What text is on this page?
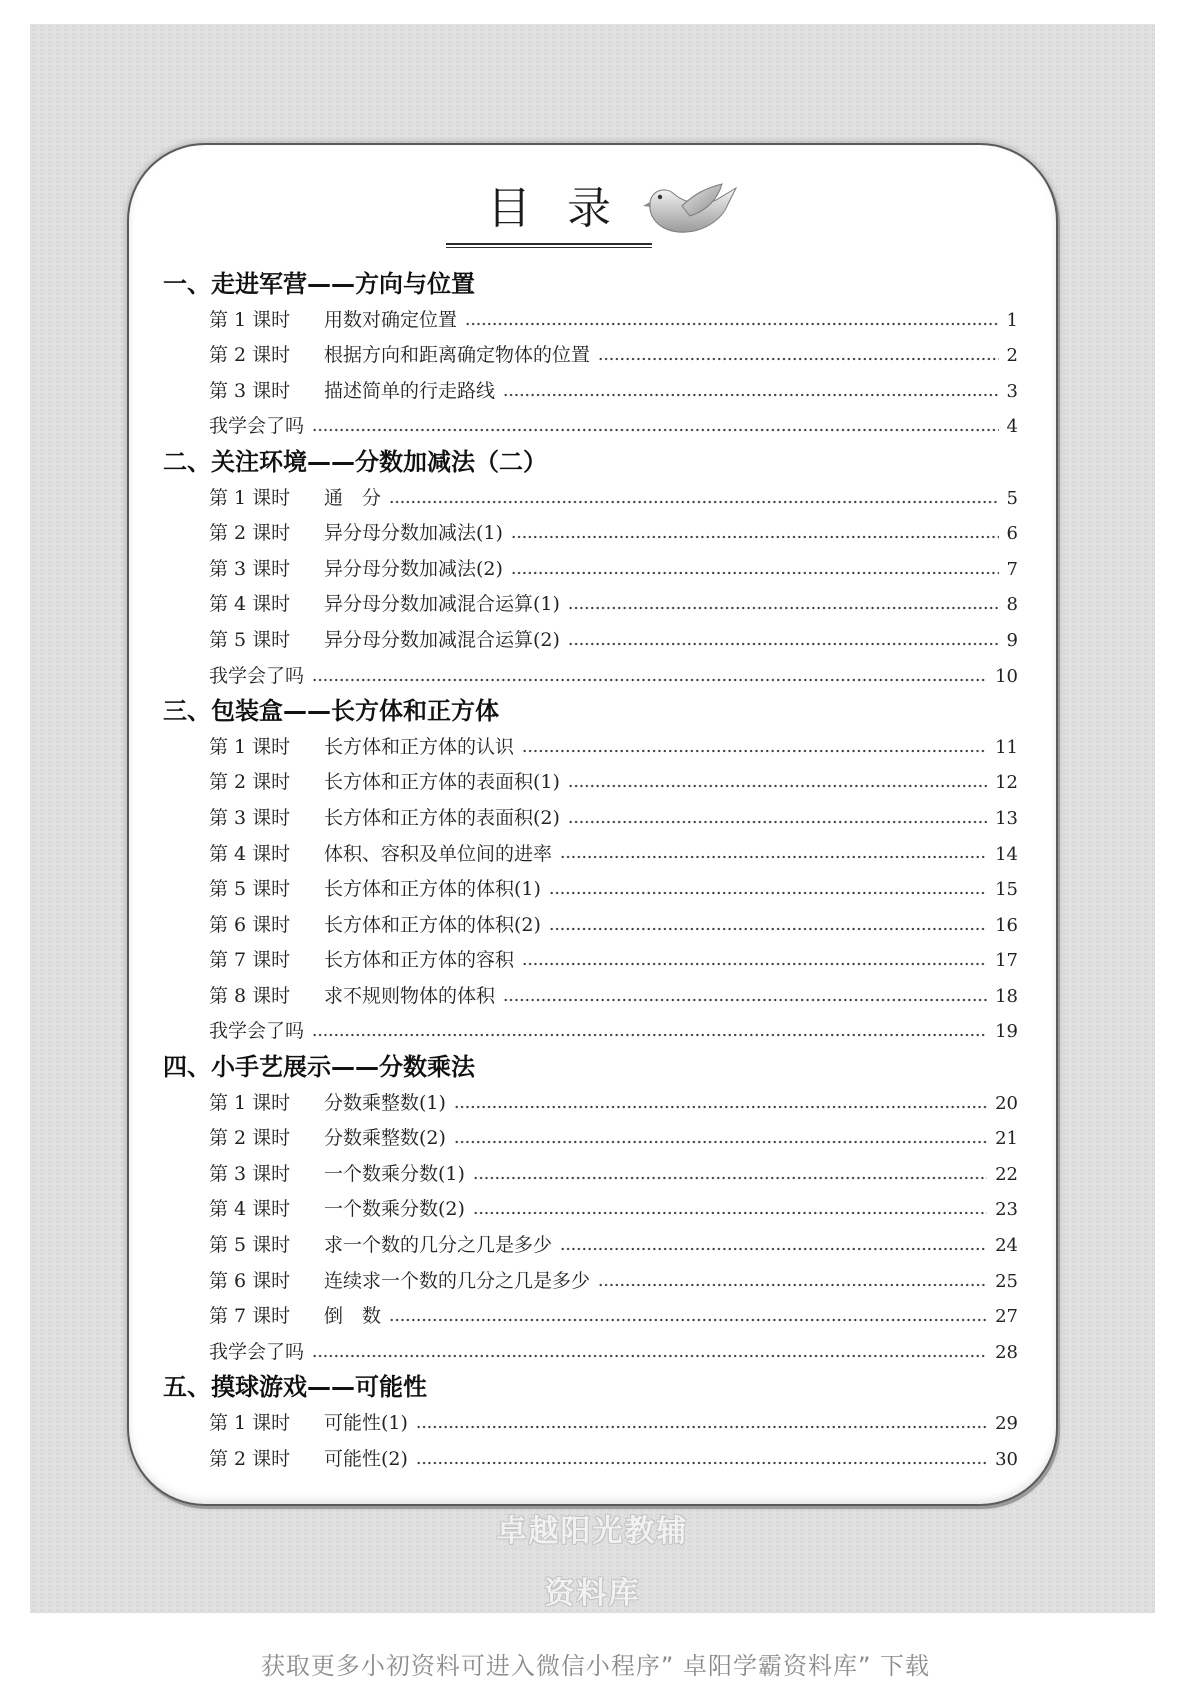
目录
一、走进军营——方向与位置
第 1 课时	用数对确定位置	1
第 2 课时	根据方向和距离确定物体的位置	2
第 3 课时	描述简单的行走路线	3
我学会了吗	4
二、关注环境——分数加减法（二）
第 1 课时	通　分	5
第 2 课时	异分母分数加减法(1)	6
第 3 课时	异分母分数加减法(2)	7
第 4 课时	异分母分数加减混合运算(1)	8
第 5 课时	异分母分数加减混合运算(2)	9
我学会了吗	10
三、包装盒——长方体和正方体
第 1 课时	长方体和正方体的认识	11
第 2 课时	长方体和正方体的表面积(1)	12
第 3 课时	长方体和正方体的表面积(2)	13
第 4 课时	体积、容积及单位间的进率	14
第 5 课时	长方体和正方体的体积(1)	15
第 6 课时	长方体和正方体的体积(2)	16
第 7 课时	长方体和正方体的容积	17
第 8 课时	求不规则物体的体积	18
我学会了吗	19
四、小手艺展示——分数乘法
第 1 课时	分数乘整数(1)	20
第 2 课时	分数乘整数(2)	21
第 3 课时	一个数乘分数(1)	22
第 4 课时	一个数乘分数(2)	23
第 5 课时	求一个数的几分之几是多少	24
第 6 课时	连续求一个数的几分之几是多少	25
第 7 课时	倒　数	27
我学会了吗	28
五、摸球游戏——可能性
第 1 课时	可能性(1)	29
第 2 课时	可能性(2)	30
卓越阳光教辅
资料库
获取更多小初资料可进入微信小程序” 卓阳学霸资料库” 下载
